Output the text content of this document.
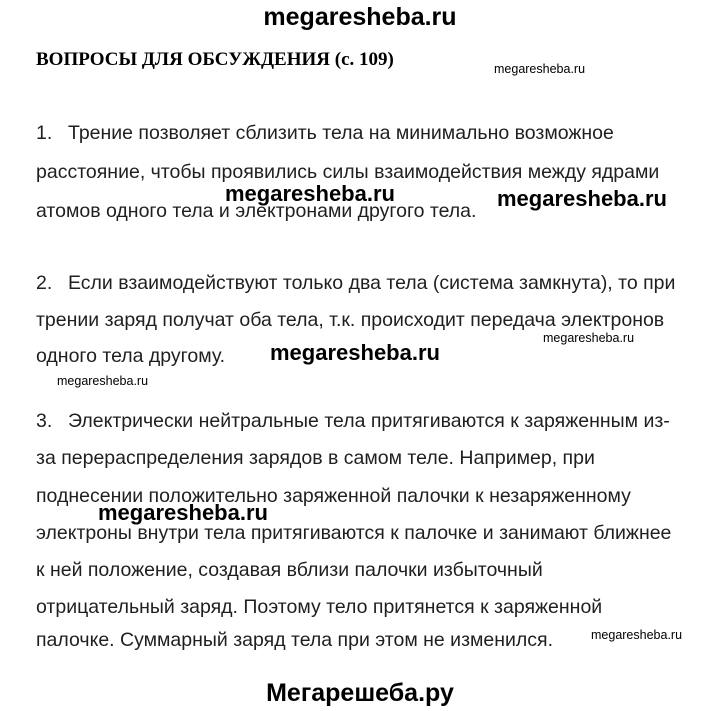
megaresheba.ru
ВОПРОСЫ ДЛЯ ОБСУЖДЕНИЯ (с. 109)	megaresheba.ru
1. Трение позволяет сблизить тела на минимально возможное
расстояние, чтобы проявились силы взаимодействия между ядрами
атомов одного тела и электронами другого тела.
megaresheba.ru	megaresheba.ru
2. Если взаимодействуют только два тела (система замкнута), то при
трении заряд получат оба тела, т.к. происходит передача электронов
одного тела другому.
megaresheba.ru
megaresheba.ru
megaresheba.ru
3. Электрически нейтральные тела притягиваются к заряженным из-
за перераспределения зарядов в самом теле. Например, при
поднесении положительно заряженной палочки к незаряженному
электроны внутри тела притягиваются к палочке и занимают ближнее
к ней положение, создавая вблизи палочки избыточный
отрицательный заряд. Поэтому тело притянется к заряженной
палочке. Суммарный заряд тела при этом не изменился.
megaresheba.ru
megaresheba.ru
Мегарешеба.ру
